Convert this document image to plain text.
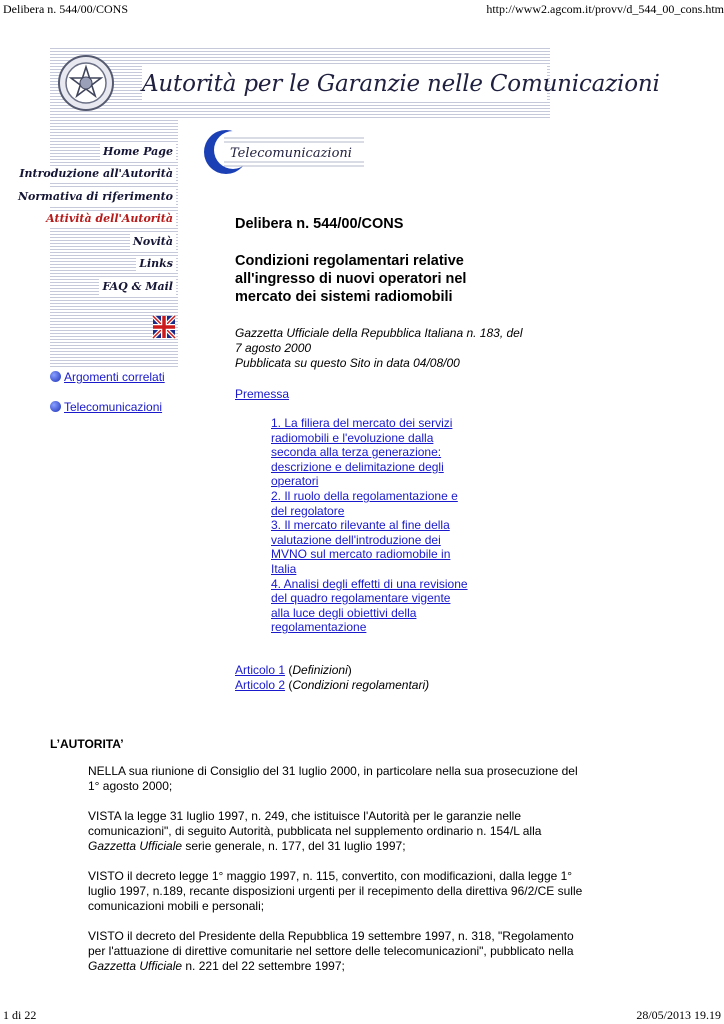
Delibera n. 544/00/CONS	http://www2.agcom.it/provv/d_544_00_cons.htm
1 di 22	28/05/2013 19.19
Autorità per le Garanzie nelle Comunicazioni
Home Page
Introduzione all'Autorità
Normativa di riferimento
Attività dell'Autorità
Novità
Links
FAQ & Mail
Telecomunicazioni
Argomenti correlati
Telecomunicazioni
Delibera n. 544/00/CONS
Condizioni regolamentari relative all'ingresso di nuovi operatori nel mercato dei sistemi radiomobili
Gazzetta Ufficiale della Repubblica Italiana n. 183, del 7 agosto 2000
Pubblicata su questo Sito in data 04/08/00
Premessa
1. La filiera del mercato dei servizi radiomobili e l'evoluzione dalla seconda alla terza generazione: descrizione e delimitazione degli operatori
2. Il ruolo della regolamentazione e del regolatore
3. Il mercato rilevante al fine della valutazione dell'introduzione dei MVNO sul mercato radiomobile in Italia
4. Analisi degli effetti di una revisione del quadro regolamentare vigente alla luce degli obiettivi della regolamentazione
Articolo 1 (Definizioni)
Articolo 2 (Condizioni regolamentari)
L’AUTORITA’

NELLA sua riunione di Consiglio del 31 luglio 2000, in particolare nella sua prosecuzione del 1° agosto 2000;

VISTA la legge 31 luglio 1997, n. 249, che istituisce l'Autorità per le garanzie nelle comunicazioni", di seguito Autorità, pubblicata nel supplemento ordinario n. 154/L alla Gazzetta Ufficiale serie generale, n. 177, del 31 luglio 1997;

VISTO il decreto legge 1° maggio 1997, n. 115, convertito, con modificazioni, dalla legge 1° luglio 1997, n.189, recante disposizioni urgenti per il recepimento della direttiva 96/2/CE sulle comunicazioni mobili e personali;

VISTO il decreto del Presidente della Repubblica 19 settembre 1997, n. 318, "Regolamento per l'attuazione di direttive comunitarie nel settore delle telecomunicazioni", pubblicato nella Gazzetta Ufficiale n. 221 del 22 settembre 1997;
